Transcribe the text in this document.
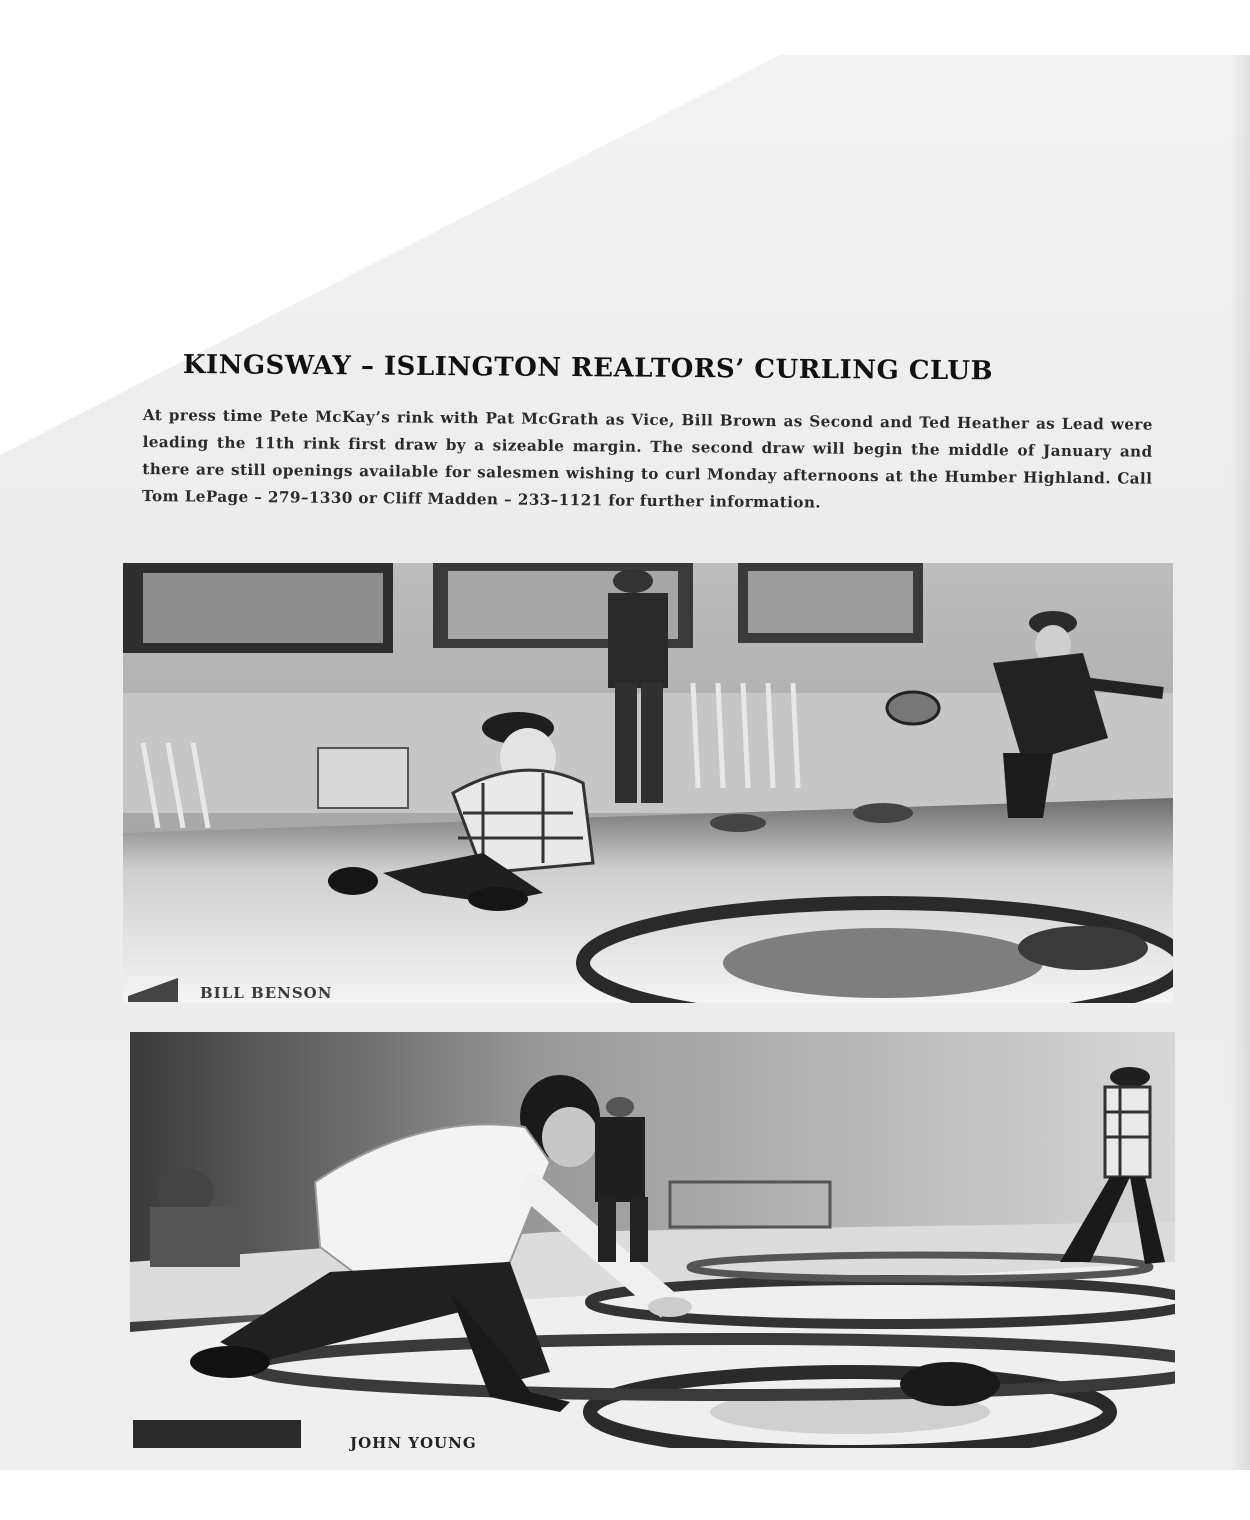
KINGSWAY – ISLINGTON REALTORS’ CURLING CLUB
At press time Pete McKay’s rink with Pat McGrath as Vice, Bill Brown as Second and Ted Heather as Lead were leading the 11th rink first draw by a sizeable margin. The second draw will begin the middle of January and there are still openings available for salesmen wishing to curl Monday afternoons at the Humber Highland. Call Tom LePage – 279–1330 or Cliff Madden – 233–1121 for further information.
BILL BENSON
JOHN YOUNG
